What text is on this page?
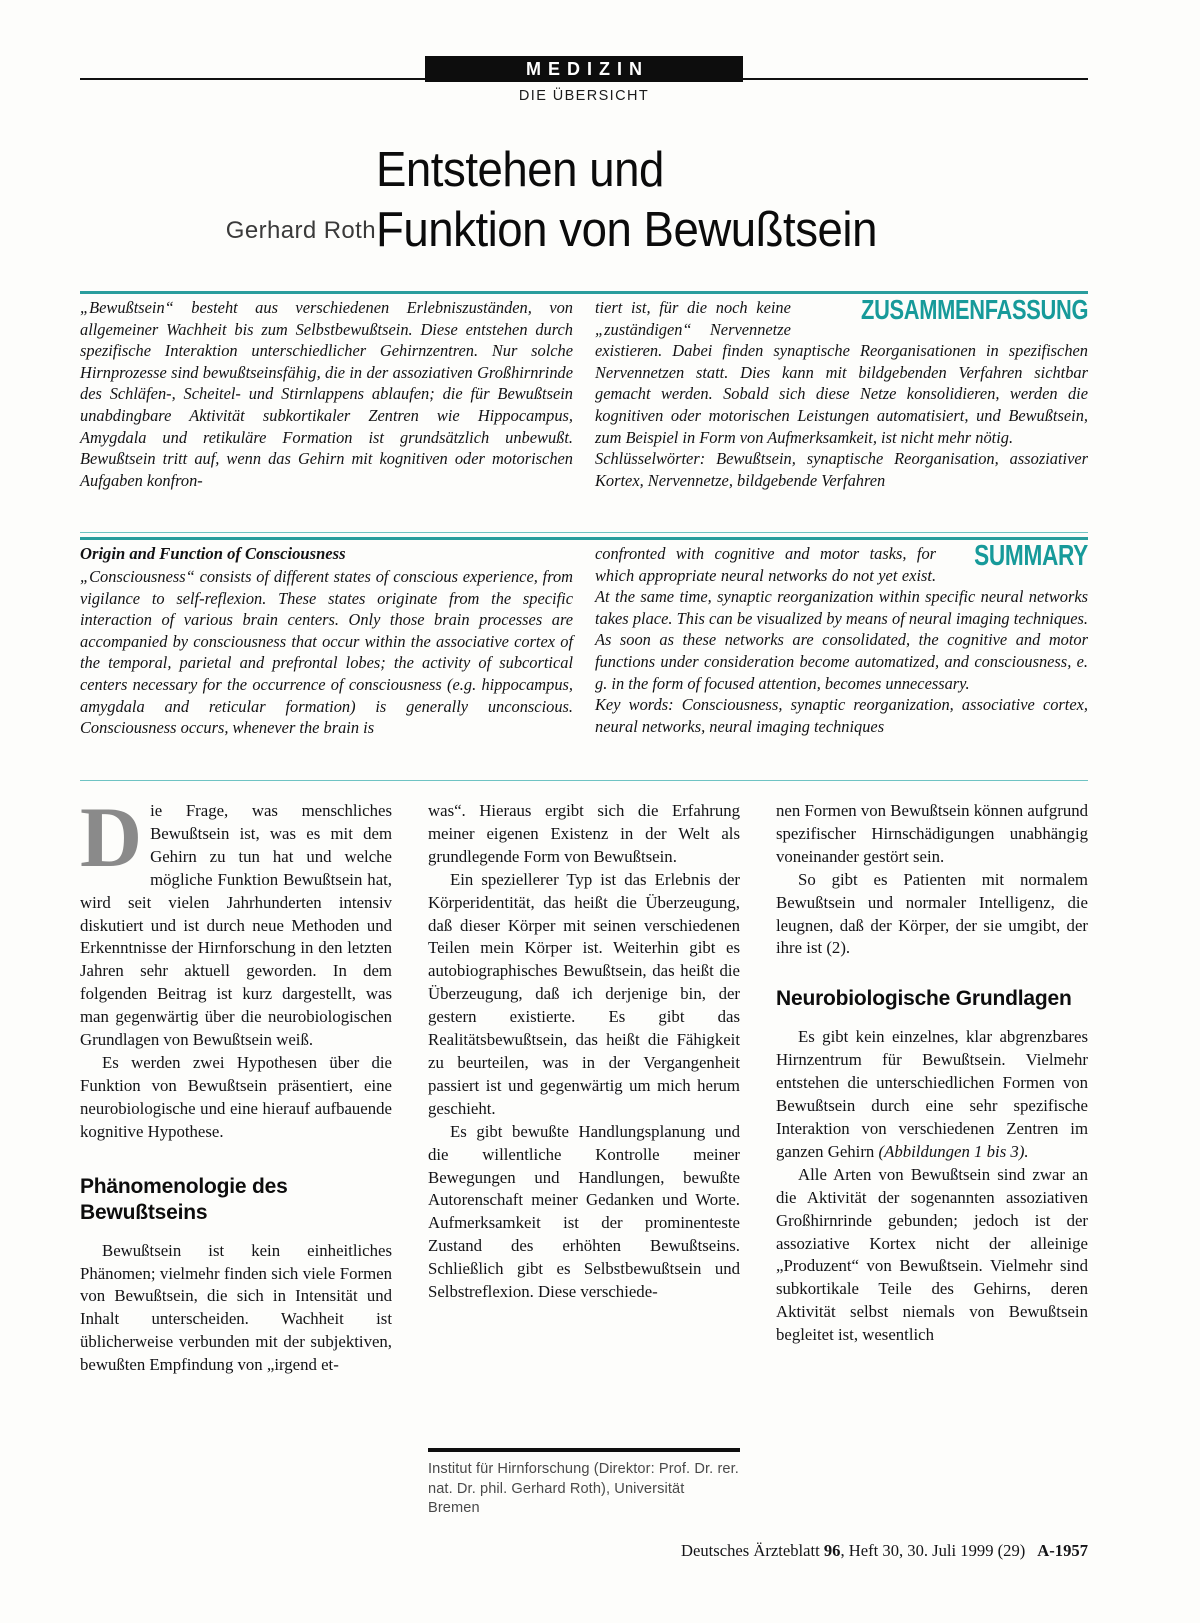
MEDIZIN
DIE ÜBERSICHT
Gerhard Roth
Entstehen und
Funktion von Bewußtsein
„Bewußtsein“ besteht aus verschiedenen Erlebniszuständen, von allgemeiner Wachheit bis zum Selbstbewußtsein. Diese entstehen durch spezifische Interaktion unterschiedlicher Gehirnzentren. Nur solche Hirnprozesse sind bewußtseinsfähig, die in der assoziativen Großhirnrinde des Schläfen-, Scheitel- und Stirnlappens ablaufen; die für Bewußtsein unabdingbare Aktivität subkortikaler Zentren wie Hippocampus, Amygdala und retikuläre Formation ist grundsätzlich unbewußt. Bewußtsein tritt auf, wenn das Gehirn mit kognitiven oder motorischen Aufgaben konfron-
ZUSAMMENFASSUNG
tiert ist, für die noch keine „zuständigen“ Nervennetze existieren. Dabei finden synaptische Reorganisationen in spezifischen Nervennetzen statt. Dies kann mit bildgebenden Verfahren sichtbar gemacht werden. Sobald sich diese Netze konsolidieren, werden die kognitiven oder motorischen Leistungen automatisiert, und Bewußtsein, zum Beispiel in Form von Aufmerksamkeit, ist nicht mehr nötig.
Schlüsselwörter: Bewußtsein, synaptische Reorganisation, assoziativer Kortex, Nervennetze, bildgebende Verfahren
Origin and Function of Consciousness
„Consciousness“ consists of different states of conscious experience, from vigilance to self-reflexion. These states originate from the specific interaction of various brain centers. Only those brain processes are accompanied by consciousness that occur within the associative cortex of the temporal, parietal and prefrontal lobes; the activity of subcortical centers necessary for the occurrence of consciousness (e.g. hippocampus, amygdala and reticular formation) is generally unconscious. Consciousness occurs, whenever the brain is
SUMMARY
confronted with cognitive and motor tasks, for which appropriate neural networks do not yet exist. At the same time, synaptic reorganization within specific neural networks takes place. This can be visualized by means of neural imaging techniques. As soon as these networks are consolidated, the cognitive and motor functions under consideration become automatized, and consciousness, e. g. in the form of focused attention, becomes unnecessary.
Key words: Consciousness, synaptic reorganization, associative cortex, neural networks, neural imaging techniques

Die Frage, was menschliches Bewußtsein ist, was es mit dem Gehirn zu tun hat und welche mögliche Funktion Bewußtsein hat, wird seit vielen Jahrhunderten intensiv diskutiert und ist durch neue Methoden und Erkenntnisse der Hirnforschung in den letzten Jahren sehr aktuell geworden. In dem folgenden Beitrag ist kurz dargestellt, was man gegenwärtig über die neurobiologischen Grundlagen von Bewußtsein weiß.

Es werden zwei Hypothesen über die Funktion von Bewußtsein präsentiert, eine neurobiologische und eine hierauf aufbauende kognitive Hypothese.

Phänomenologie des Bewußtseins

Bewußtsein ist kein einheitliches Phänomen; vielmehr finden sich viele Formen von Bewußtsein, die sich in Intensität und Inhalt unterscheiden. Wachheit ist üblicherweise verbunden mit der subjektiven, bewußten Empfindung von „irgend et-

was“. Hieraus ergibt sich die Erfahrung meiner eigenen Existenz in der Welt als grundlegende Form von Bewußtsein.

Ein speziellerer Typ ist das Erlebnis der Körperidentität, das heißt die Überzeugung, daß dieser Körper mit seinen verschiedenen Teilen mein Körper ist. Weiterhin gibt es autobiographisches Bewußtsein, das heißt die Überzeugung, daß ich derjenige bin, der gestern existierte. Es gibt das Realitätsbewußtsein, das heißt die Fähigkeit zu beurteilen, was in der Vergangenheit passiert ist und gegenwärtig um mich herum geschieht.

Es gibt bewußte Handlungsplanung und die willentliche Kontrolle meiner Bewegungen und Handlungen, bewußte Autorenschaft meiner Gedanken und Worte. Aufmerksamkeit ist der prominenteste Zustand des erhöhten Bewußtseins. Schließlich gibt es Selbstbewußtsein und Selbstreflexion. Diese verschiede-

nen Formen von Bewußtsein können aufgrund spezifischer Hirnschädigungen unabhängig voneinander gestört sein.

So gibt es Patienten mit normalem Bewußtsein und normaler Intelligenz, die leugnen, daß der Körper, der sie umgibt, der ihre ist (2).

Neurobiologische Grundlagen

Es gibt kein einzelnes, klar abgrenzbares Hirnzentrum für Bewußtsein. Vielmehr entstehen die unterschiedlichen Formen von Bewußtsein durch eine sehr spezifische Interaktion von verschiedenen Zentren im ganzen Gehirn (Abbildungen 1 bis 3).

Alle Arten von Bewußtsein sind zwar an die Aktivität der sogenannten assoziativen Großhirnrinde gebunden; jedoch ist der assoziative Kortex nicht der alleinige „Produzent“ von Bewußtsein. Vielmehr sind subkortikale Teile des Gehirns, deren Aktivität selbst niemals von Bewußtsein begleitet ist, wesentlich

Institut für Hirnforschung (Direktor: Prof. Dr. rer. nat. Dr. phil. Gerhard Roth), Universität Bremen
Deutsches Ärzteblatt 96, Heft 30, 30. Juli 1999 (29) A-1957
